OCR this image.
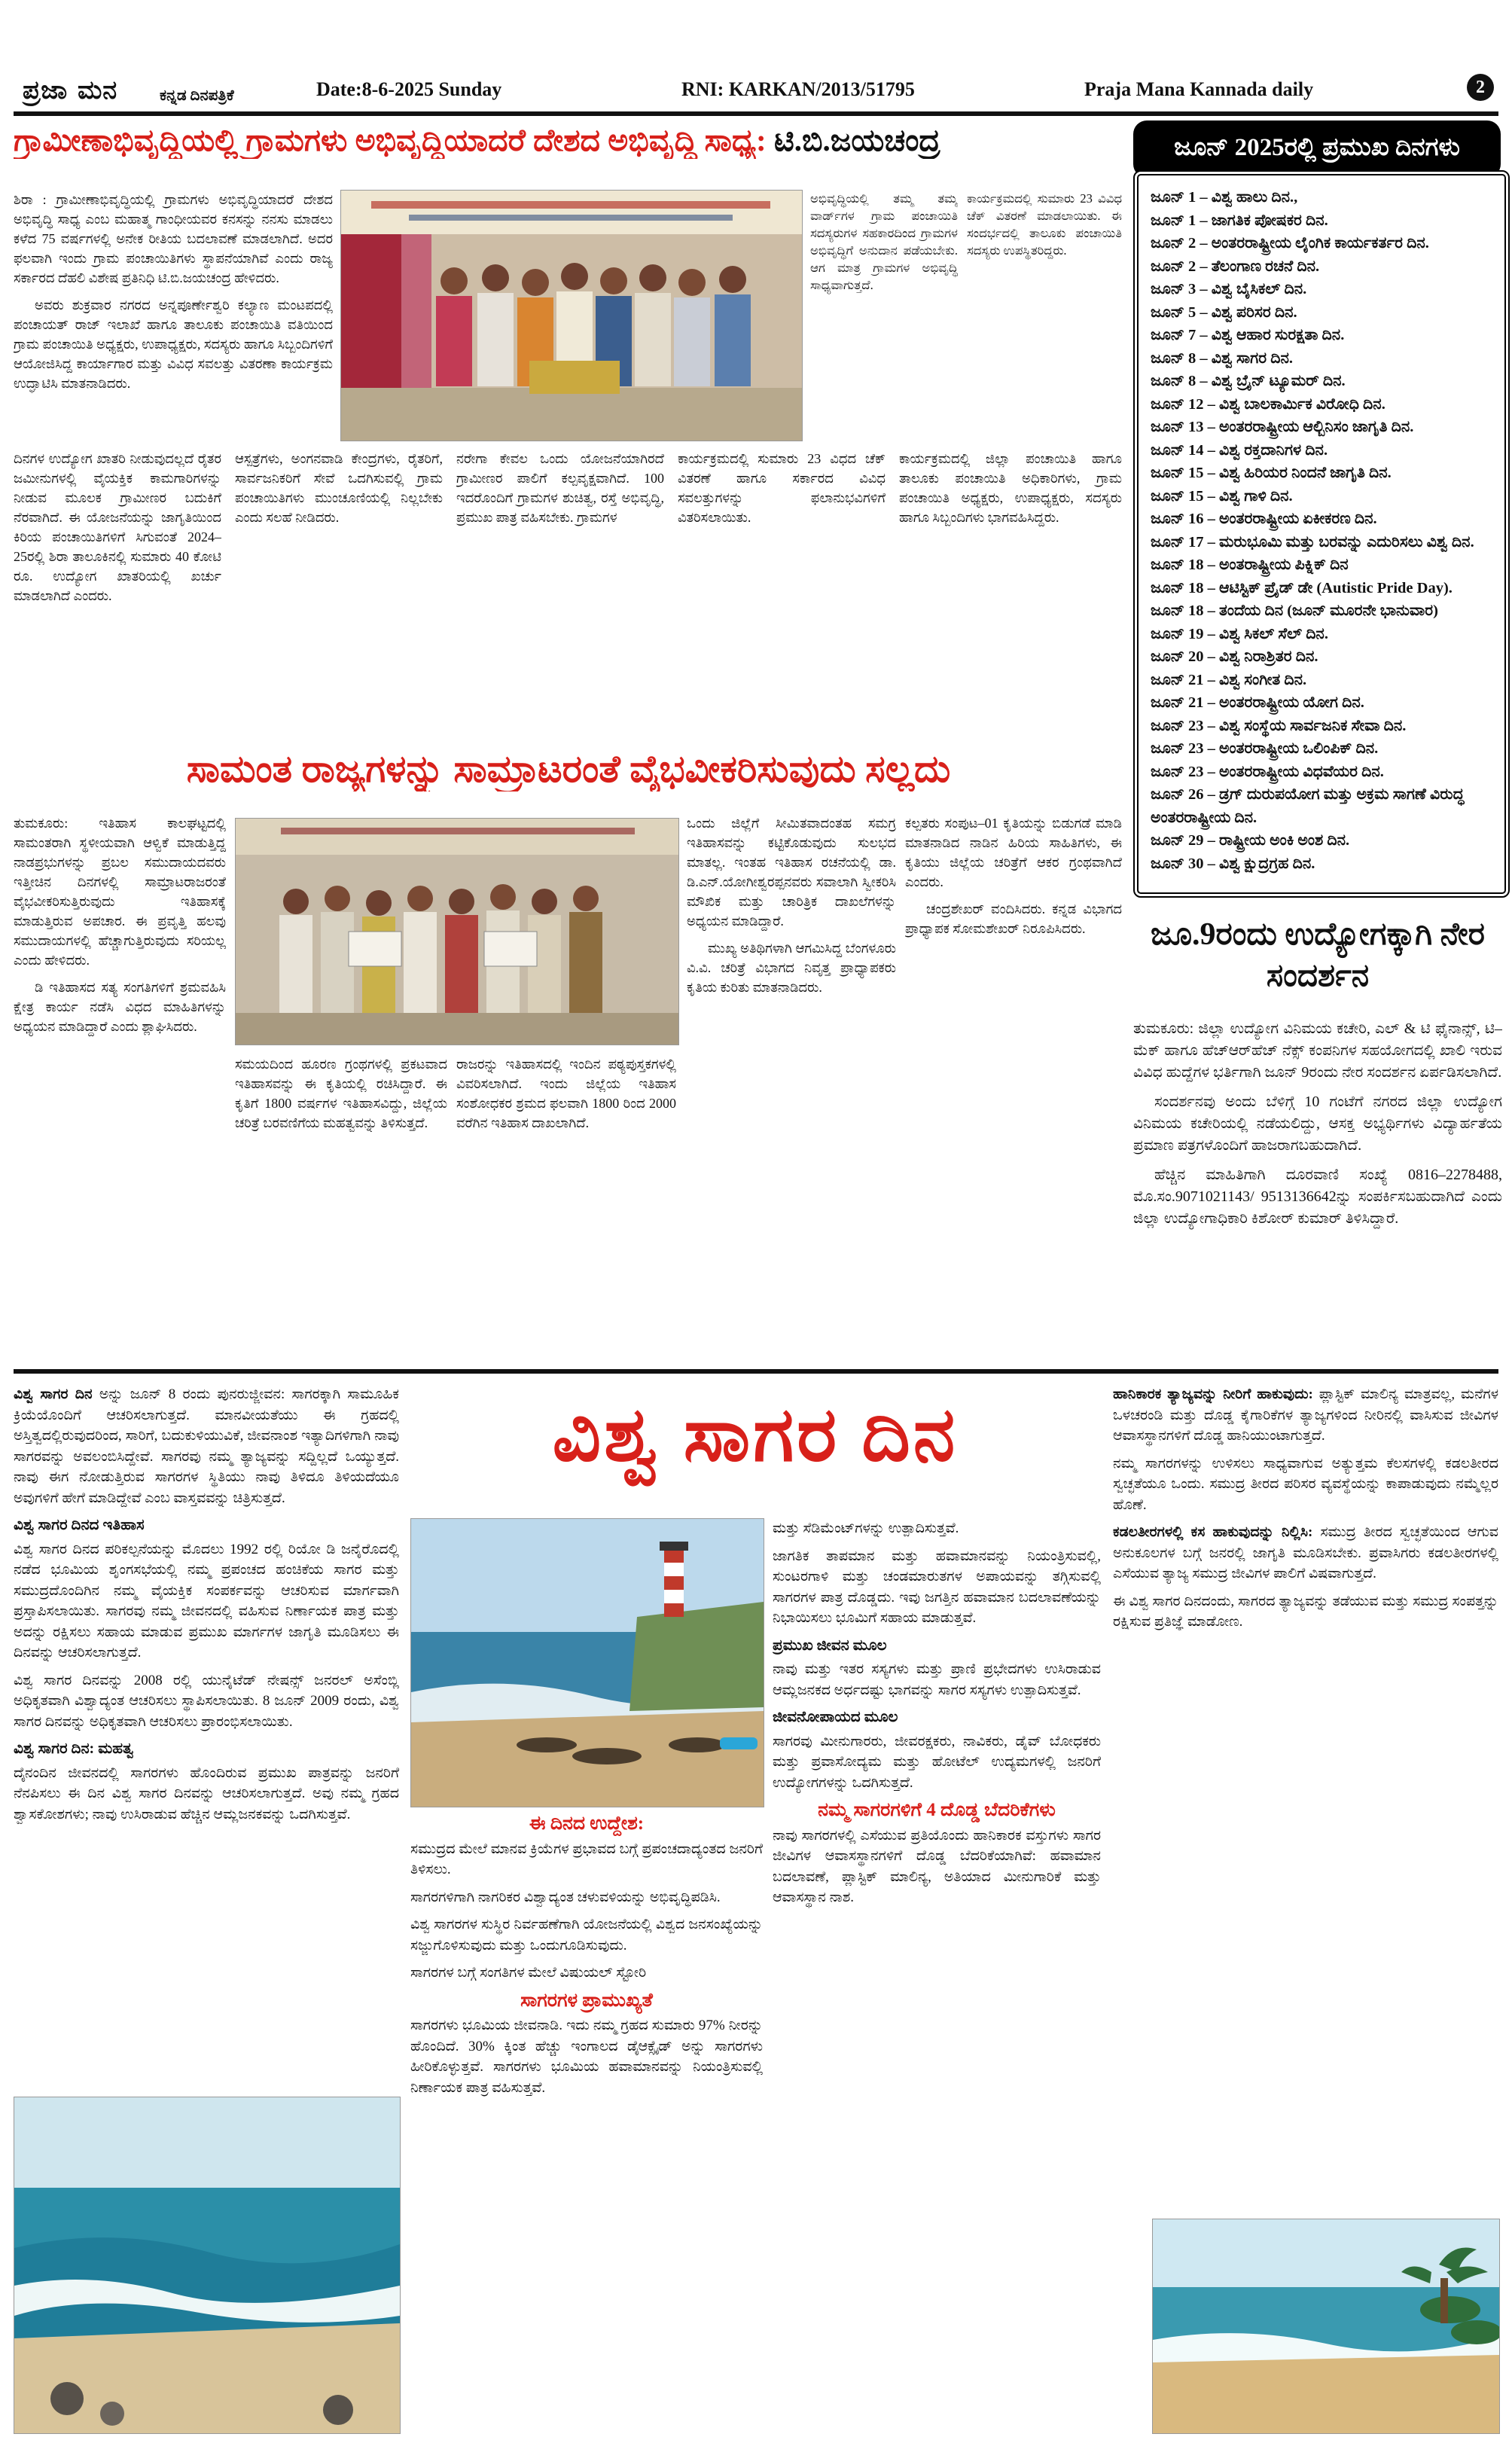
ಪ್ರಜಾ ಮನ	ಕನ್ನಡ ದಿನಪತ್ರಿಕೆ	Date:8-6-2025 Sunday	RNI: KARKAN/2013/51795	Praja Mana Kannada daily	2
ಗ್ರಾಮೀಣಾಭಿವೃದ್ಧಿಯಲ್ಲಿ ಗ್ರಾಮಗಳು ಅಭಿವೃದ್ಧಿಯಾದರೆ ದೇಶದ ಅಭಿವೃದ್ಧಿ ಸಾಧ್ಯ: ಟಿ.ಬಿ.ಜಯಚಂದ್ರ	ಜೂನ್ 2025ರಲ್ಲಿ ಪ್ರಮುಖ ದಿನಗಳು
ಜೂನ್ 1 – ವಿಶ್ವ ಹಾಲು ದಿನ.,
ಜೂನ್ 1 – ಜಾಗತಿಕ ಪೋಷಕರ ದಿನ.
ಜೂನ್ 2 – ಅಂತರರಾಷ್ಟ್ರೀಯ ಲೈಂಗಿಕ ಕಾರ್ಯಕರ್ತರ ದಿನ.
ಜೂನ್ 2 – ತೆಲಂಗಾಣ ರಚನೆ ದಿನ.
ಜೂನ್ 3 – ವಿಶ್ವ ಬೈಸಿಕಲ್ ದಿನ.
ಜೂನ್ 5 – ವಿಶ್ವ ಪರಿಸರ ದಿನ.
ಜೂನ್ 7 – ವಿಶ್ವ ಆಹಾರ ಸುರಕ್ಷತಾ ದಿನ.
ಜೂನ್ 8 – ವಿಶ್ವ ಸಾಗರ ದಿನ.
ಜೂನ್ 8 – ವಿಶ್ವ ಬ್ರೈನ್ ಟ್ಯೂಮರ್ ದಿನ.
ಜೂನ್ 12 – ವಿಶ್ವ ಬಾಲಕಾರ್ಮಿಕ ವಿರೋಧಿ ದಿನ.
ಜೂನ್ 13 – ಅಂತರರಾಷ್ಟ್ರೀಯ ಆಲ್ಬಿನಿಸಂ ಜಾಗೃತಿ ದಿನ.
ಜೂನ್ 14 – ವಿಶ್ವ ರಕ್ತದಾನಿಗಳ ದಿನ.
ಜೂನ್ 15 – ವಿಶ್ವ ಹಿರಿಯರ ನಿಂದನೆ ಜಾಗೃತಿ ದಿನ.
ಜೂನ್ 15 – ವಿಶ್ವ ಗಾಳಿ ದಿನ.
ಜೂನ್ 16 – ಅಂತರರಾಷ್ಟ್ರೀಯ ಏಕೀಕರಣ ದಿನ.
ಜೂನ್ 17 – ಮರುಭೂಮಿ ಮತ್ತು ಬರವನ್ನು ಎದುರಿಸಲು ವಿಶ್ವ ದಿನ.
ಜೂನ್ 18 – ಅಂತರಾಷ್ಟ್ರೀಯ ಪಿಕ್ನಿಕ್ ದಿನ
ಜೂನ್ 18 – ಆಟಿಸ್ಟಿಕ್ ಪ್ರೈಡ್ ಡೇ (Autistic Pride Day).
ಜೂನ್ 18 – ತಂದೆಯ ದಿನ (ಜೂನ್ ಮೂರನೇ ಭಾನುವಾರ)
ಜೂನ್ 19 – ವಿಶ್ವ ಸಿಕಲ್ ಸೆಲ್ ದಿನ.
ಜೂನ್ 20 – ವಿಶ್ವ ನಿರಾಶ್ರಿತರ ದಿನ.
ಜೂನ್ 21 – ವಿಶ್ವ ಸಂಗೀತ ದಿನ.
ಜೂನ್ 21 – ಅಂತರರಾಷ್ಟ್ರೀಯ ಯೋಗ ದಿನ.
ಜೂನ್ 23 – ವಿಶ್ವ ಸಂಸ್ಥೆಯ ಸಾರ್ವಜನಿಕ ಸೇವಾ ದಿನ.
ಜೂನ್ 23 – ಅಂತರರಾಷ್ಟ್ರೀಯ ಒಲಿಂಪಿಕ್ ದಿನ.
ಜೂನ್ 23 – ಅಂತರರಾಷ್ಟ್ರೀಯ ವಿಧವೆಯರ ದಿನ.
ಜೂನ್ 26 – ಡ್ರಗ್ ದುರುಪಯೋಗ ಮತ್ತು ಅಕ್ರಮ ಸಾಗಣೆ ವಿರುದ್ಧ ಅಂತರರಾಷ್ಟ್ರೀಯ ದಿನ.
ಜೂನ್ 29 – ರಾಷ್ಟ್ರೀಯ ಅಂಕಿ ಅಂಶ ದಿನ.
ಜೂನ್ 30 – ವಿಶ್ವ ಕ್ಷುದ್ರಗ್ರಹ ದಿನ.

ಶಿರಾ : ಗ್ರಾಮೀಣಾಭಿವೃದ್ಧಿಯಲ್ಲಿ ಗ್ರಾಮಗಳು ಅಭಿವೃದ್ಧಿಯಾದರೆ ದೇಶದ ಅಭಿವೃದ್ಧಿ ಸಾಧ್ಯ ಎಂಬ ಮಹಾತ್ಮ ಗಾಂಧೀಯವರ ಕನಸನ್ನು ನನಸು ಮಾಡಲು ಕಳೆದ 75 ವರ್ಷಗಳಲ್ಲಿ ಅನೇಕ ರೀತಿಯ ಬದಲಾವಣೆ ಮಾಡಲಾಗಿದೆ. ಅದರ ಫಲವಾಗಿ ಇಂದು ಗ್ರಾಮ ಪಂಚಾಯಿತಿಗಳು ಸ್ಥಾಪನೆಯಾಗಿವೆ ಎಂದು ರಾಜ್ಯ ಸರ್ಕಾರದ ದೆಹಲಿ ವಿಶೇಷ ಪ್ರತಿನಿಧಿ ಟಿ.ಬಿ.ಜಯಚಂದ್ರ ಹೇಳಿದರು.

ಅವರು ಶುಕ್ರವಾರ ನಗರದ ಅನ್ನಪೂರ್ಣೇಶ್ವರಿ ಕಲ್ಯಾಣ ಮಂಟಪದಲ್ಲಿ ಪಂಚಾಯತ್ ರಾಜ್ ಇಲಾಖೆ ಹಾಗೂ ತಾಲೂಕು ಪಂಚಾಯಿತಿ ವತಿಯಿಂದ ಗ್ರಾಮ ಪಂಚಾಯಿತಿ ಅಧ್ಯಕ್ಷರು, ಉಪಾಧ್ಯಕ್ಷರು, ಸದಸ್ಯರು ಹಾಗೂ ಸಿಬ್ಬಂದಿಗಳಿಗೆ ಆಯೋಜಿಸಿದ್ದ ಕಾರ್ಯಾಗಾರ ಮತ್ತು ವಿವಿಧ ಸವಲತ್ತು ವಿತರಣಾ ಕಾರ್ಯಕ್ರಮ ಉದ್ಘಾಟಿಸಿ ಮಾತನಾಡಿದರು.

ಅಭಿವೃದ್ಧಿಯಲ್ಲಿ ತಮ್ಮ ತಮ್ಮ ವಾರ್ಡ್‌ಗಳ ಗ್ರಾಮ ಪಂಚಾಯಿತಿ ಸದಸ್ಯರುಗಳ ಸಹಕಾರದಿಂದ ಗ್ರಾಮಗಳ ಅಭಿವೃದ್ಧಿಗೆ ಅನುದಾನ ಪಡೆಯಬೇಕು. ಆಗ ಮಾತ್ರ ಗ್ರಾಮಗಳ ಅಭಿವೃದ್ಧಿ ಸಾಧ್ಯವಾಗುತ್ತದೆ.

ಕಾರ್ಯಕ್ರಮದಲ್ಲಿ ಸುಮಾರು 23 ವಿವಿಧ ಚೆಕ್ ವಿತರಣೆ ಮಾಡಲಾಯಿತು. ಈ ಸಂದರ್ಭದಲ್ಲಿ ತಾಲೂಕು ಪಂಚಾಯಿತಿ ಸದಸ್ಯರು ಉಪಸ್ಥಿತರಿದ್ದರು.

ದಿನಗಳ ಉದ್ಯೋಗ ಖಾತರಿ ನೀಡುವುದಲ್ಲದೆ ರೈತರ ಜಮೀನುಗಳಲ್ಲಿ ವೈಯಕ್ತಿಕ ಕಾಮಗಾರಿಗಳನ್ನು ನೀಡುವ ಮೂಲಕ ಗ್ರಾಮೀಣರ ಬದುಕಿಗೆ ನೆರವಾಗಿದೆ. ಈ ಯೋಜನೆಯನ್ನು ಜಾಗೃತಿಯಿಂದ ಕಿರಿಯ ಪಂಚಾಯಿತಿಗಳಿಗೆ ಸಿಗುವಂತೆ 2024–25ರಲ್ಲಿ ಶಿರಾ ತಾಲೂಕಿನಲ್ಲಿ ಸುಮಾರು 40 ಕೋಟಿ ರೂ. ಉದ್ಯೋಗ ಖಾತರಿಯಲ್ಲಿ ಖರ್ಚು ಮಾಡಲಾಗಿದೆ ಎಂದರು.

ಆಸ್ಪತ್ರೆಗಳು, ಅಂಗನವಾಡಿ ಕೇಂದ್ರಗಳು, ರೈತರಿಗೆ, ಸಾರ್ವಜನಿಕರಿಗೆ ಸೇವೆ ಒದಗಿಸುವಲ್ಲಿ ಗ್ರಾಮ ಪಂಚಾಯಿತಿಗಳು ಮುಂಚೂಣಿಯಲ್ಲಿ ನಿಲ್ಲಬೇಕು ಎಂದು ಸಲಹೆ ನೀಡಿದರು.

ನರೇಗಾ ಕೇವಲ ಒಂದು ಯೋಜನೆಯಾಗಿರದೆ ಗ್ರಾಮೀಣರ ಪಾಲಿಗೆ ಕಲ್ಪವೃಕ್ಷವಾಗಿದೆ. 100 ಇದರೊಂದಿಗೆ ಗ್ರಾಮಗಳ ಶುಚಿತ್ವ, ರಸ್ತೆ ಅಭಿವೃದ್ಧಿ, ಪ್ರಮುಖ ಪಾತ್ರ ವಹಿಸಬೇಕು. ಗ್ರಾಮಗಳ

ಕಾರ್ಯಕ್ರಮದಲ್ಲಿ ಸುಮಾರು 23 ವಿಧದ ಚೆಕ್ ವಿತರಣೆ ಹಾಗೂ ಸರ್ಕಾರದ ವಿವಿಧ ಸವಲತ್ತುಗಳನ್ನು ಫಲಾನುಭವಿಗಳಿಗೆ ವಿತರಿಸಲಾಯಿತು.

ಕಾರ್ಯಕ್ರಮದಲ್ಲಿ ಜಿಲ್ಲಾ ಪಂಚಾಯಿತಿ ಹಾಗೂ ತಾಲೂಕು ಪಂಚಾಯಿತಿ ಅಧಿಕಾರಿಗಳು, ಗ್ರಾಮ ಪಂಚಾಯಿತಿ ಅಧ್ಯಕ್ಷರು, ಉಪಾಧ್ಯಕ್ಷರು, ಸದಸ್ಯರು ಹಾಗೂ ಸಿಬ್ಬಂದಿಗಳು ಭಾಗವಹಿಸಿದ್ದರು.

ಸಾಮಂತ ರಾಜ್ಯಗಳನ್ನು ಸಾಮ್ರಾಟರಂತೆ ವೈಭವೀಕರಿಸುವುದು ಸಲ್ಲದು

ತುಮಕೂರು: ಇತಿಹಾಸ ಕಾಲಘಟ್ಟದಲ್ಲಿ ಸಾಮಂತರಾಗಿ ಸ್ಥಳೀಯವಾಗಿ ಆಳ್ವಿಕೆ ಮಾಡುತ್ತಿದ್ದ ನಾಡಪ್ರಭುಗಳನ್ನು ಪ್ರಬಲ ಸಮುದಾಯದವರು ಇತ್ತೀಚಿನ ದಿನಗಳಲ್ಲಿ ಸಾಮ್ರಾಟರಾಜರಂತೆ ವೈಭವೀಕರಿಸುತ್ತಿರುವುದು ಇತಿಹಾಸಕ್ಕೆ ಮಾಡುತ್ತಿರುವ ಅಪಚಾರ. ಈ ಪ್ರವೃತ್ತಿ ಹಲವು ಸಮುದಾಯಗಳಲ್ಲಿ ಹೆಚ್ಚಾಗುತ್ತಿರುವುದು ಸರಿಯಲ್ಲ ಎಂದು ಹೇಳಿದರು.

ಡಿ ಇತಿಹಾಸದ ಸತ್ಯ ಸಂಗತಿಗಳಿಗೆ ಶ್ರಮವಹಿಸಿ ಕ್ಷೇತ್ರ ಕಾರ್ಯ ನಡೆಸಿ ವಿಧದ ಮಾಹಿತಿಗಳನ್ನು ಅಧ್ಯಯನ ಮಾಡಿದ್ದಾರೆ ಎಂದು ಶ್ಲಾಘಿಸಿದರು.

ಒಂದು ಜಿಲ್ಲೆಗೆ ಸೀಮಿತವಾದಂತಹ ಸಮಗ್ರ ಇತಿಹಾಸವನ್ನು ಕಟ್ಟಿಕೊಡುವುದು ಸುಲಭದ ಮಾತಲ್ಲ. ಇಂತಹ ಇತಿಹಾಸ ರಚನೆಯಲ್ಲಿ ಡಾ. ಡಿ.ಎನ್.ಯೋಗೀಶ್ವರಪ್ಪನವರು ಸವಾಲಾಗಿ ಸ್ವೀಕರಿಸಿ ಮೌಖಿಕ ಮತ್ತು ಚಾರಿತ್ರಿಕ ದಾಖಲೆಗಳನ್ನು ಅಧ್ಯಯನ ಮಾಡಿದ್ದಾರೆ.

ಮುಖ್ಯ ಅತಿಥಿಗಳಾಗಿ ಆಗಮಿಸಿದ್ದ ಬೆಂಗಳೂರು ವಿ.ವಿ. ಚರಿತ್ರೆ ವಿಭಾಗದ ನಿವೃತ್ತ ಪ್ರಾಧ್ಯಾಪಕರು ಕೃತಿಯ ಕುರಿತು ಮಾತನಾಡಿದರು.

ಕಲ್ಪತರು ಸಂಪುಟ–01 ಕೃತಿಯನ್ನು ಬಿಡುಗಡೆ ಮಾಡಿ ಮಾತನಾಡಿದ ನಾಡಿನ ಹಿರಿಯ ಸಾಹಿತಿಗಳು, ಈ ಕೃತಿಯು ಜಿಲ್ಲೆಯ ಚರಿತ್ರೆಗೆ ಆಕರ ಗ್ರಂಥವಾಗಿದೆ ಎಂದರು.

ಚಂದ್ರಶೇಖರ್ ವಂದಿಸಿದರು. ಕನ್ನಡ ವಿಭಾಗದ ಪ್ರಾಧ್ಯಾಪಕ ಸೋಮಶೇಖರ್ ನಿರೂಪಿಸಿದರು.

ಸಮಯದಿಂದ ಹೂರಣ ಗ್ರಂಥಗಳಲ್ಲಿ ಪ್ರಕಟವಾದ ಇತಿಹಾಸವನ್ನು ಈ ಕೃತಿಯಲ್ಲಿ ರಚಿಸಿದ್ದಾರೆ. ಈ ಕೃತಿಗೆ 1800 ವರ್ಷಗಳ ಇತಿಹಾಸವಿದ್ದು, ಜಿಲ್ಲೆಯ ಚರಿತ್ರೆ ಬರವಣಿಗೆಯ ಮಹತ್ವವನ್ನು ತಿಳಿಸುತ್ತದೆ.

ರಾಜರನ್ನು ಇತಿಹಾಸದಲ್ಲಿ ಇಂದಿನ ಪಠ್ಯಪುಸ್ತಕಗಳಲ್ಲಿ ವಿವರಿಸಲಾಗಿದೆ. ಇಂದು ಜಿಲ್ಲೆಯ ಇತಿಹಾಸ ಸಂಶೋಧಕರ ಶ್ರಮದ ಫಲವಾಗಿ 1800 ರಿಂದ 2000 ವರೆಗಿನ ಇತಿಹಾಸ ದಾಖಲಾಗಿದೆ.

ಜೂ.9ರಂದು ಉದ್ಯೋಗಕ್ಕಾಗಿ ನೇರ ಸಂದರ್ಶನ

ತುಮಕೂರು: ಜಿಲ್ಲಾ ಉದ್ಯೋಗ ವಿನಿಮಯ ಕಚೇರಿ, ಎಲ್ & ಟಿ ಫೈನಾನ್ಸ್, ಟಿ–ಮೆಕ್ ಹಾಗೂ ಹೆಚ್‌ಆರ್‌ಹೆಚ್ ನೆಕ್ಸ್ ಕಂಪನಿಗಳ ಸಹಯೋಗದಲ್ಲಿ ಖಾಲಿ ಇರುವ ವಿವಿಧ ಹುದ್ದೆಗಳ ಭರ್ತಿಗಾಗಿ ಜೂನ್ 9ರಂದು ನೇರ ಸಂದರ್ಶನ ಏರ್ಪಡಿಸಲಾಗಿದೆ.

ಸಂದರ್ಶನವು ಅಂದು ಬೆಳಿಗ್ಗೆ 10 ಗಂಟೆಗೆ ನಗರದ ಜಿಲ್ಲಾ ಉದ್ಯೋಗ ವಿನಿಮಯ ಕಚೇರಿಯಲ್ಲಿ ನಡೆಯಲಿದ್ದು, ಆಸಕ್ತ ಅಭ್ಯರ್ಥಿಗಳು ವಿದ್ಯಾರ್ಹತೆಯ ಪ್ರಮಾಣ ಪತ್ರಗಳೊಂದಿಗೆ ಹಾಜರಾಗಬಹುದಾಗಿದೆ.

ಹೆಚ್ಚಿನ ಮಾಹಿತಿಗಾಗಿ ದೂರವಾಣಿ ಸಂಖ್ಯೆ 0816–2278488, ಮೊ.ಸಂ.9071021143/ 9513136642ನ್ನು ಸಂಪರ್ಕಿಸಬಹುದಾಗಿದೆ ಎಂದು ಜಿಲ್ಲಾ ಉದ್ಯೋಗಾಧಿಕಾರಿ ಕಿಶೋರ್ ಕುಮಾರ್ ತಿಳಿಸಿದ್ದಾರೆ.

ವಿಶ್ವ ಸಾಗರ ದಿನ ಅನ್ನು ಜೂನ್ 8 ರಂದು ಪುನರುಜ್ಜೀವನ: ಸಾಗರಕ್ಕಾಗಿ ಸಾಮೂಹಿಕ ಕ್ರಿಯೆಯೊಂದಿಗೆ ಆಚರಿಸಲಾಗುತ್ತದೆ. ಮಾನವೀಯತೆಯು ಈ ಗ್ರಹದಲ್ಲಿ ಅಸ್ತಿತ್ವದಲ್ಲಿರುವುದರಿಂದ, ಸಾರಿಗೆ, ಬದುಕುಳಿಯುವಿಕೆ, ಜೀವನಾಂಶ ಇತ್ಯಾದಿಗಳಿಗಾಗಿ ನಾವು ಸಾಗರವನ್ನು ಅವಲಂಬಿಸಿದ್ದೇವೆ. ಸಾಗರವು ನಮ್ಮ ತ್ಯಾಜ್ಯವನ್ನು ಸದ್ದಿಲ್ಲದೆ ಒಯ್ಯುತ್ತದೆ. ನಾವು ಈಗ ನೋಡುತ್ತಿರುವ ಸಾಗರಗಳ ಸ್ಥಿತಿಯು ನಾವು ತಿಳಿದೂ ತಿಳಿಯದೆಯೂ ಅವುಗಳಿಗೆ ಹೇಗೆ ಮಾಡಿದ್ದೇವೆ ಎಂಬ ವಾಸ್ತವವನ್ನು ಚಿತ್ರಿಸುತ್ತದೆ.

ವಿಶ್ವ ಸಾಗರ ದಿನದ ಇತಿಹಾಸ

ವಿಶ್ವ ಸಾಗರ ದಿನದ ಪರಿಕಲ್ಪನೆಯನ್ನು ಮೊದಲು 1992 ರಲ್ಲಿ ರಿಯೋ ಡಿ ಜನೈರೊದಲ್ಲಿ ನಡೆದ ಭೂಮಿಯ ಶೃಂಗಸಭೆಯಲ್ಲಿ ನಮ್ಮ ಪ್ರಪಂಚದ ಹಂಚಿಕೆಯ ಸಾಗರ ಮತ್ತು ಸಮುದ್ರದೊಂದಿಗಿನ ನಮ್ಮ ವೈಯಕ್ತಿಕ ಸಂಪರ್ಕವನ್ನು ಆಚರಿಸುವ ಮಾರ್ಗವಾಗಿ ಪ್ರಸ್ತಾಪಿಸಲಾಯಿತು. ಸಾಗರವು ನಮ್ಮ ಜೀವನದಲ್ಲಿ ವಹಿಸುವ ನಿರ್ಣಾಯಕ ಪಾತ್ರ ಮತ್ತು ಅದನ್ನು ರಕ್ಷಿಸಲು ಸಹಾಯ ಮಾಡುವ ಪ್ರಮುಖ ಮಾರ್ಗಗಳ ಜಾಗೃತಿ ಮೂಡಿಸಲು ಈ ದಿನವನ್ನು ಆಚರಿಸಲಾಗುತ್ತದೆ.

ವಿಶ್ವ ಸಾಗರ ದಿನವನ್ನು 2008 ರಲ್ಲಿ ಯುನೈಟೆಡ್ ನೇಷನ್ಸ್ ಜನರಲ್ ಅಸೆಂಬ್ಲಿ ಅಧಿಕೃತವಾಗಿ ವಿಶ್ವಾದ್ಯಂತ ಆಚರಿಸಲು ಸ್ಥಾಪಿಸಲಾಯಿತು. 8 ಜೂನ್ 2009 ರಂದು, ವಿಶ್ವ ಸಾಗರ ದಿನವನ್ನು ಅಧಿಕೃತವಾಗಿ ಆಚರಿಸಲು ಪ್ರಾರಂಭಿಸಲಾಯಿತು.

ವಿಶ್ವ ಸಾಗರ ದಿನ: ಮಹತ್ವ

ದೈನಂದಿನ ಜೀವನದಲ್ಲಿ ಸಾಗರಗಳು ಹೊಂದಿರುವ ಪ್ರಮುಖ ಪಾತ್ರವನ್ನು ಜನರಿಗೆ ನೆನಪಿಸಲು ಈ ದಿನ ವಿಶ್ವ ಸಾಗರ ದಿನವನ್ನು ಆಚರಿಸಲಾಗುತ್ತದೆ. ಅವು ನಮ್ಮ ಗ್ರಹದ ಶ್ವಾಸಕೋಶಗಳು; ನಾವು ಉಸಿರಾಡುವ ಹೆಚ್ಚಿನ ಆಮ್ಲಜನಕವನ್ನು ಒದಗಿಸುತ್ತವೆ.

ವಿಶ್ವ ಸಾಗರ ದಿನ
ಈ ದಿನದ ಉದ್ದೇಶ:

ಸಮುದ್ರದ ಮೇಲೆ ಮಾನವ ಕ್ರಿಯೆಗಳ ಪ್ರಭಾವದ ಬಗ್ಗೆ ಪ್ರಪಂಚದಾದ್ಯಂತದ ಜನರಿಗೆ ತಿಳಿಸಲು.

ಸಾಗರಗಳಿಗಾಗಿ ನಾಗರಿಕರ ವಿಶ್ವಾದ್ಯಂತ ಚಳುವಳಿಯನ್ನು ಅಭಿವೃದ್ಧಿಪಡಿಸಿ.

ವಿಶ್ವ ಸಾಗರಗಳ ಸುಸ್ಥಿರ ನಿರ್ವಹಣೆಗಾಗಿ ಯೋಜನೆಯಲ್ಲಿ ವಿಶ್ವದ ಜನಸಂಖ್ಯೆಯನ್ನು ಸಜ್ಜುಗೊಳಿಸುವುದು ಮತ್ತು ಒಂದುಗೂಡಿಸುವುದು.

ಸಾಗರಗಳ ಬಗ್ಗೆ ಸಂಗತಿಗಳ ಮೇಲೆ ವಿಷುಯಲ್ ಸ್ಟೋರಿ

ಸಾಗರಗಳ ಪ್ರಾಮುಖ್ಯತೆ

ಸಾಗರಗಳು ಭೂಮಿಯ ಜೀವನಾಡಿ. ಇದು ನಮ್ಮ ಗ್ರಹದ ಸುಮಾರು 97% ನೀರನ್ನು ಹೊಂದಿದೆ. 30% ಕ್ಕಿಂತ ಹೆಚ್ಚು ಇಂಗಾಲದ ಡೈಆಕ್ಸೈಡ್ ಅನ್ನು ಸಾಗರಗಳು ಹೀರಿಕೊಳ್ಳುತ್ತವೆ. ಸಾಗರಗಳು ಭೂಮಿಯ ಹವಾಮಾನವನ್ನು ನಿಯಂತ್ರಿಸುವಲ್ಲಿ ನಿರ್ಣಾಯಕ ಪಾತ್ರ ವಹಿಸುತ್ತವೆ.

ಮತ್ತು ಸೆಡಿಮೆಂಟ್‌ಗಳನ್ನು ಉತ್ಪಾದಿಸುತ್ತವೆ.

ಜಾಗತಿಕ ತಾಪಮಾನ ಮತ್ತು ಹವಾಮಾನವನ್ನು ನಿಯಂತ್ರಿಸುವಲ್ಲಿ, ಸುಂಟರಗಾಳಿ ಮತ್ತು ಚಂಡಮಾರುತಗಳ ಅಪಾಯವನ್ನು ತಗ್ಗಿಸುವಲ್ಲಿ ಸಾಗರಗಳ ಪಾತ್ರ ದೊಡ್ಡದು. ಇವು ಜಗತ್ತಿನ ಹವಾಮಾನ ಬದಲಾವಣೆಯನ್ನು ನಿಭಾಯಿಸಲು ಭೂಮಿಗೆ ಸಹಾಯ ಮಾಡುತ್ತವೆ.

ಪ್ರಮುಖ ಜೀವನ ಮೂಲ

ನಾವು ಮತ್ತು ಇತರ ಸಸ್ಯಗಳು ಮತ್ತು ಪ್ರಾಣಿ ಪ್ರಭೇದಗಳು ಉಸಿರಾಡುವ ಆಮ್ಲಜನಕದ ಅರ್ಧದಷ್ಟು ಭಾಗವನ್ನು ಸಾಗರ ಸಸ್ಯಗಳು ಉತ್ಪಾದಿಸುತ್ತವೆ.

ಜೀವನೋಪಾಯದ ಮೂಲ

ಸಾಗರವು ಮೀನುಗಾರರು, ಜೀವರಕ್ಷಕರು, ನಾವಿಕರು, ಡೈವ್ ಬೋಧಕರು ಮತ್ತು ಪ್ರವಾಸೋದ್ಯಮ ಮತ್ತು ಹೋಟೆಲ್ ಉದ್ಯಮಗಳಲ್ಲಿ ಜನರಿಗೆ ಉದ್ಯೋಗಗಳನ್ನು ಒದಗಿಸುತ್ತದೆ.

ನಮ್ಮ ಸಾಗರಗಳಿಗೆ 4 ದೊಡ್ಡ ಬೆದರಿಕೆಗಳು

ನಾವು ಸಾಗರಗಳಲ್ಲಿ ಎಸೆಯುವ ಪ್ರತಿಯೊಂದು ಹಾನಿಕಾರಕ ವಸ್ತುಗಳು ಸಾಗರ ಜೀವಿಗಳ ಆವಾಸಸ್ಥಾನಗಳಿಗೆ ದೊಡ್ಡ ಬೆದರಿಕೆಯಾಗಿವೆ: ಹವಾಮಾನ ಬದಲಾವಣೆ, ಪ್ಲಾಸ್ಟಿಕ್ ಮಾಲಿನ್ಯ, ಅತಿಯಾದ ಮೀನುಗಾರಿಕೆ ಮತ್ತು ಆವಾಸಸ್ಥಾನ ನಾಶ.

ಹಾನಿಕಾರಕ ತ್ಯಾಜ್ಯವನ್ನು ನೀರಿಗೆ ಹಾಕುವುದು: ಪ್ಲಾಸ್ಟಿಕ್ ಮಾಲಿನ್ಯ ಮಾತ್ರವಲ್ಲ, ಮನೆಗಳ ಒಳಚರಂಡಿ ಮತ್ತು ದೊಡ್ಡ ಕೈಗಾರಿಕೆಗಳ ತ್ಯಾಜ್ಯಗಳಿಂದ ನೀರಿನಲ್ಲಿ ವಾಸಿಸುವ ಜೀವಿಗಳ ಆವಾಸಸ್ಥಾನಗಳಿಗೆ ದೊಡ್ಡ ಹಾನಿಯುಂಟಾಗುತ್ತದೆ.

ನಮ್ಮ ಸಾಗರಗಳನ್ನು ಉಳಿಸಲು ಸಾಧ್ಯವಾಗುವ ಅತ್ಯುತ್ತಮ ಕೆಲಸಗಳಲ್ಲಿ ಕಡಲತೀರದ ಸ್ವಚ್ಛತೆಯೂ ಒಂದು. ಸಮುದ್ರ ತೀರದ ಪರಿಸರ ವ್ಯವಸ್ಥೆಯನ್ನು ಕಾಪಾಡುವುದು ನಮ್ಮೆಲ್ಲರ ಹೊಣೆ.

ಕಡಲತೀರಗಳಲ್ಲಿ ಕಸ ಹಾಕುವುದನ್ನು ನಿಲ್ಲಿಸಿ: ಸಮುದ್ರ ತೀರದ ಸ್ವಚ್ಛತೆಯಿಂದ ಆಗುವ ಅನುಕೂಲಗಳ ಬಗ್ಗೆ ಜನರಲ್ಲಿ ಜಾಗೃತಿ ಮೂಡಿಸಬೇಕು. ಪ್ರವಾಸಿಗರು ಕಡಲತೀರಗಳಲ್ಲಿ ಎಸೆಯುವ ತ್ಯಾಜ್ಯ ಸಮುದ್ರ ಜೀವಿಗಳ ಪಾಲಿಗೆ ವಿಷವಾಗುತ್ತದೆ.

ಈ ವಿಶ್ವ ಸಾಗರ ದಿನದಂದು, ಸಾಗರದ ತ್ಯಾಜ್ಯವನ್ನು ತಡೆಯುವ ಮತ್ತು ಸಮುದ್ರ ಸಂಪತ್ತನ್ನು ರಕ್ಷಿಸುವ ಪ್ರತಿಜ್ಞೆ ಮಾಡೋಣ.
